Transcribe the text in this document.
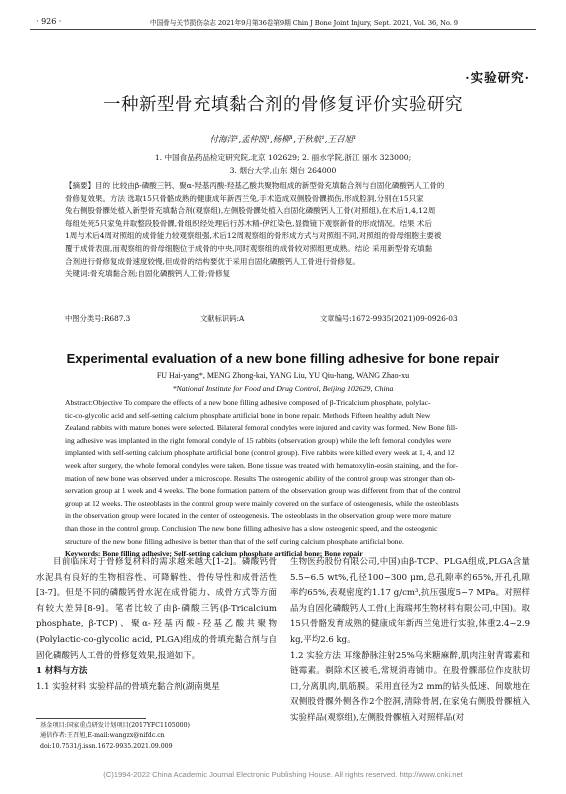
· 926 ·	中国骨与关节损伤杂志 2021年9月第36卷第9期 Chin J Bone Joint Injury, Sept. 2021, Vol. 36, No. 9
·实验研究·
一种新型骨充填黏合剂的骨修复评价实验研究
付海洋¹,孟仲凯¹,杨柳¹,于秋航¹,王召旭¹
1. 中国食品药品检定研究院,北京 102629; 2. 丽水学院,浙江 丽水 323000;
3. 烟台大学,山东 烟台 264000
【摘要】目的 比较由β-磷酸三钙、聚α-羟基丙酸-羟基乙酸共聚物组成的新型骨充填黏合剂与自固化磷酸钙人工骨的
骨修复效果。方法 选取15只骨骼成熟的健康成年新西兰兔,手术造成双侧股骨髁损伤,形成腔洞,分别在15只家
兔右侧股骨髁处植入新型骨充填黏合剂(观察组),左侧股骨髁处植入自固化磷酸钙人工骨(对照组),在术后1,4,12周
每组处死5只家兔并取整段股骨髁,骨组织经处理后行苏木精-伊红染色,显微镜下观察新骨的形成情况。结果 术后
1周与术后4周对照组的成骨能力较观察组强,术后12周观察组的骨形成方式与对照组不同,对照组的骨母细胞主要被
覆于成骨表面,而观察组的骨母细胞位于成骨的中央,同时观察组的成骨较对照组更成熟。结论 采用新型骨充填黏
合剂进行骨修复成骨速度较慢,但成骨的结构要优于采用自固化磷酸钙人工骨进行骨修复。
关键词:骨充填黏合剂;自固化磷酸钙人工骨;骨修复
中图分类号:R687.3	文献标识码:A	文章编号:1672-9935(2021)09-0926-03
Experimental evaluation of a new bone filling adhesive for bone repair
FU Hai-yang*, MENG Zhong-kai, YANG Liu, YU Qiu-hang, WANG Zhao-xu
*National Institute for Food and Drug Control, Beijing 102629, China
Abstract:Objective To compare the effects of a new bone filling adhesive composed of β-Tricalcium phosphate, polylac-
tic-co-glycolic acid and self-setting calcium phosphate artificial bone in bone repair. Methods Fifteen healthy adult New
Zealand rabbits with mature bones were selected. Bilateral femoral condyles were injured and cavity was formed. New Bone fill-
ing adhesive was implanted in the right femoral condyle of 15 rabbits (observation group) while the left femoral condyles were
implanted with self-setting calcium phosphate artificial bone (control group). Five rabbits were killed every week at 1, 4, and 12
week after surgery, the whole femoral condyles were taken. Bone tissue was treated with hematoxylin-eosin staining, and the for-
mation of new bone was observed under a microscope. Results The osteogenic ability of the control group was stronger than ob-
servation group at 1 week and 4 weeks. The bone formation pattern of the observation group was different from that of the control
group at 12 weeks. The osteoblasts in the control group were mainly covered on the surface of osteogenesis, while the osteoblasts
in the observation group were located in the center of osteogenesis. The osteoblasts in the observation group were more mature
than those in the control group. Conclusion The new bone filling adhesive has a slow osteogenic speed, and the osteogenic
structure of the new bone filling adhesive is better than that of the self curing calcium phosphate artificial bone.
Keywords: Bone filling adhesive; Self-setting calcium phosphate artificial bone; Bone repair
目前临床对于骨修复材料的需求越来越大[1-2]。磷酸钙骨水泥具有良好的生物相容性、可降解性、骨传导性和成骨活性[3-7]。但是不同的磷酸钙骨水泥在成骨能力、成骨方式等方面有较大差异[8-9]。笔者比较了由β-磷酸三钙(β-Tricalcium phosphate, β-TCP)、聚α-羟基丙酸-羟基乙酸共聚物(Polylactic-co-glycolic acid, PLGA)组成的骨填充黏合剂与自固化磷酸钙人工骨的骨修复效果,报道如下。
1 材料与方法
1.1 实验材料 实验样品的骨填充黏合剂(湖南奥星
生物医药股份有限公司,中国)由β-TCP、PLGA组成,PLGA含量5.5~6.5 wt%,孔径100~300 μm,总孔隙率约65%,开孔孔隙率约65%,表观密度约1.17 g/cm³,抗压强度5~7 MPa。对照样品为自固化磷酸钙人工骨(上海瑞邦生物材料有限公司,中国)。取15只骨骼发育成熟的健康成年新西兰兔进行实验,体重2.4~2.9 kg,平均2.6 kg。
1.2 实验方法 耳缘静脉注射25%乌来糖麻醉,肌肉注射青霉素和链霉素。剃除术区被毛,常规消毒铺巾。在股骨髁部位作皮肤切口,分离肌肉,肌筋膜。采用直径为2 mm的钻头低速、间歇地在双侧股骨髁外侧各作2个腔洞,清除骨屑,在家兔右侧股骨髁植入实验样品(观察组),左侧股骨髁植入对照样品(对
基金项目:国家重点研发计划项目(2017YFC1105000)
通信作者:王召旭,E-mail:wangzx@nifdc.cn
doi:10.7531/j.issn.1672-9935.2021.09.009
(C)1994-2022 China Academic Journal Electronic Publishing House. All rights reserved. http://www.cnki.net
